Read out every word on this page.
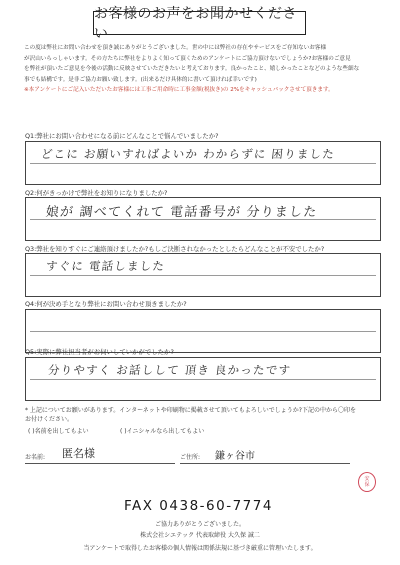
お客様のお声をお聞かせください

この度は弊社にお問い合わせを頂き誠にありがとうございました。世の中には弊社の存在やサービスをご存知ないお客様

が沢山いらっしゃいます。その方たちに弊社をよりよく知って頂くためのアンケートにご協力頂けないでしょうか?お客様のご意見

を弊社が頂いたご意見を今後の活動に反映させていただきたいと考えております。良かったこと、嬉しかったことなどのような些細な

事でも結構です。是非ご協力お願い致します。(出来るだけ具体的に書いて頂ければ幸いです)

※本アンケートにご記入いただいたお客様には工事ご用命時に工事金額(税抜き)の 2%をキャッシュバックさせて頂きます。

Q1:弊社にお問い合わせになる前にどんなことで悩んでいましたか?
どこに お願いすればよいか わからずに 困りました
Q2:何がきっかけで弊社をお知りになりましたか?
娘が 調べてくれて 電話番号が 分りました
Q3:弊社を知りすぐにご連絡頂けましたか?もしご決断されなかったとしたらどんなことが不安でしたか?
すぐに 電話しました
Q4:何が決め手となり弊社にお問い合わせ頂きましたか?
Q5:実際に弊社担当者がお伺いしていかがでしたか?
分りやすく お話しして 頂き 良かったです
* 上記についてお願いがあります。インターネットや印刷物に掲載させて頂いてもよろしいでしょうか?下記の中から〇印を
お付けください。
( )名前を出してもよい	( )イニシャルなら出してもよい
お名前: 匿名様	ご住所: 鎌ヶ谷市
安
保
FAX 0438-60-7774
ご協力ありがとうございました。
株式会社シエテック 代表取締役 大久保 誠二
当アンケートで取得したお客様の個人情報は関係法規に基づき厳重に管理いたします。
